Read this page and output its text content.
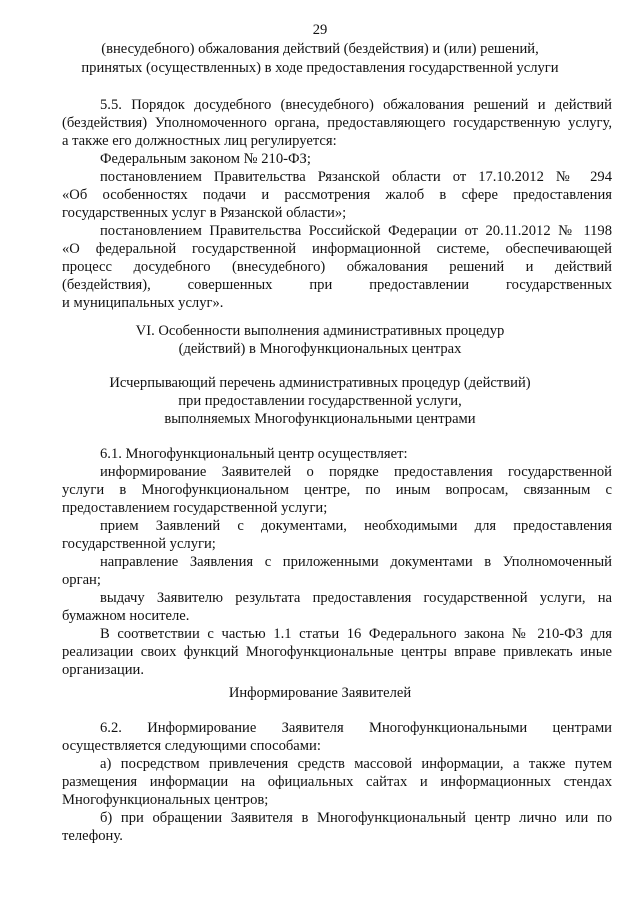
29
(внесудебного) обжалования действий (бездействия) и (или) решений,
принятых (осуществленных) в ходе предоставления государственной услуги
5.5. Порядок досудебного (внесудебного) обжалования решений и действий
(бездействия) Уполномоченного органа, предоставляющего государственную услугу,
а также его должностных лиц регулируется:
Федеральным законом № 210-ФЗ;
постановлением Правительства Рязанской области от 17.10.2012 № 294
«Об особенностях подачи и рассмотрения жалоб в сфере предоставления
государственных услуг в Рязанской области»;
постановлением Правительства Российской Федерации от 20.11.2012 № 1198
«О федеральной государственной информационной системе, обеспечивающей
процесс досудебного (внесудебного) обжалования решений и действий
(бездействия), совершенных при предоставлении государственных
и муниципальных услуг».
VI. Особенности выполнения административных процедур
(действий) в Многофункциональных центрах
Исчерпывающий перечень административных процедур (действий)
при предоставлении государственной услуги,
выполняемых Многофункциональными центрами
6.1. Многофункциональный центр осуществляет:
информирование Заявителей о порядке предоставления государственной
услуги в Многофункциональном центре, по иным вопросам, связанным с
предоставлением государственной услуги;
прием Заявлений с документами, необходимыми для предоставления
государственной услуги;
направление Заявления с приложенными документами в Уполномоченный
орган;
выдачу Заявителю результата предоставления государственной услуги, на
бумажном носителе.
В соответствии с частью 1.1 статьи 16 Федерального закона № 210-ФЗ для
реализации своих функций Многофункциональные центры вправе привлекать иные
организации.
Информирование Заявителей
6.2. Информирование Заявителя Многофункциональными центрами
осуществляется следующими способами:
а) посредством привлечения средств массовой информации, а также путем
размещения информации на официальных сайтах и информационных стендах
Многофункциональных центров;
б) при обращении Заявителя в Многофункциональный центр лично или по
телефону.
